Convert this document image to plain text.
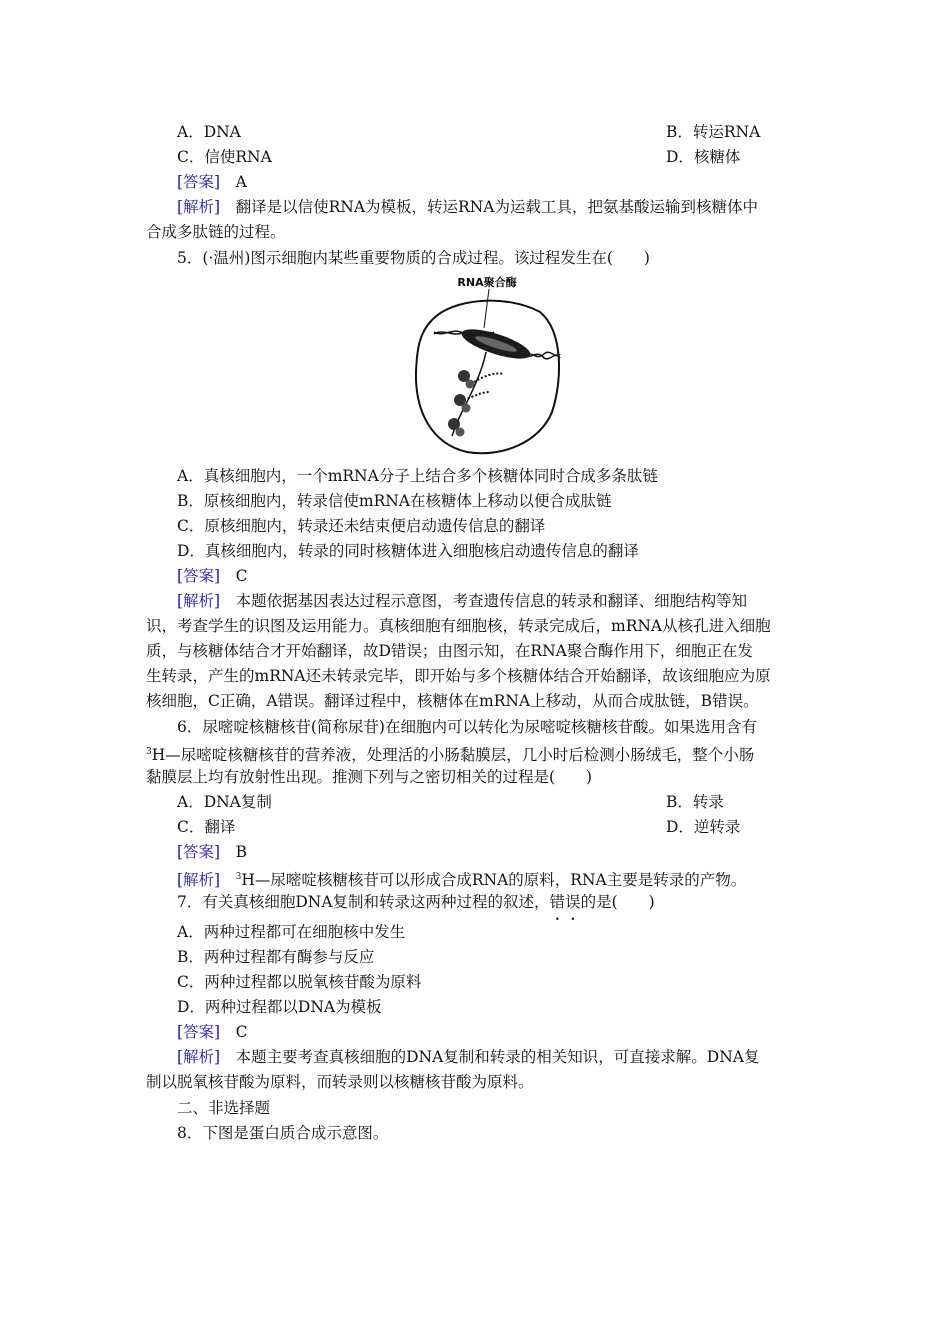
A．DNA	B．转运RNA
C．信使RNA	D．核糖体
[答案]　 A
[解析]　 翻译是以信使RNA为模板，转运RNA为运载工具，把氨基酸运输到核糖体中
合成多肽链的过程。
5．(·温州)图示细胞内某些重要物质的合成过程。该过程发生在(　　)
RNA聚合酶
A．真核细胞内，一个mRNA分子上结合多个核糖体同时合成多条肽链
B．原核细胞内，转录信使mRNA在核糖体上移动以便合成肽链
C．原核细胞内，转录还未结束便启动遗传信息的翻译
D．真核细胞内，转录的同时核糖体进入细胞核启动遗传信息的翻译
[答案]　 C
[解析]　 本题依据基因表达过程示意图，考查遗传信息的转录和翻译、细胞结构等知
识，考查学生的识图及运用能力。真核细胞有细胞核，转录完成后，mRNA从核孔进入细胞
质，与核糖体结合才开始翻译，故D错误；由图示知，在RNA聚合酶作用下，细胞正在发
生转录，产生的mRNA还未转录完毕，即开始与多个核糖体结合开始翻译，故该细胞应为原
核细胞，C正确，A错误。翻译过程中，核糖体在mRNA上移动，从而合成肽链，B错误。
6．尿嘧啶核糖核苷(简称尿苷)在细胞内可以转化为尿嘧啶核糖核苷酸。如果选用含有
$^3$H—尿嘧啶核糖核苷的营养液，处理活的小肠黏膜层，几小时后检测小肠绒毛，整个小肠
黏膜层上均有放射性出现。推测下列与之密切相关的过程是(　　)
A．DNA复制	B．转录
C．翻译	D．逆转录
[答案]　 B
[解析]　 $^3$H—尿嘧啶核糖核苷可以形成合成RNA的原料，RNA主要是转录的产物。
7．有关真核细胞DNA复制和转录这两种过程的叙述，错误的是(　　)
A．两种过程都可在细胞核中发生
B．两种过程都有酶参与反应
C．两种过程都以脱氧核苷酸为原料
D．两种过程都以DNA为模板
[答案]　 C
[解析]　 本题主要考查真核细胞的DNA复制和转录的相关知识，可直接求解。DNA复
制以脱氧核苷酸为原料，而转录则以核糖核苷酸为原料。
二、非选择题
8．下图是蛋白质合成示意图。
